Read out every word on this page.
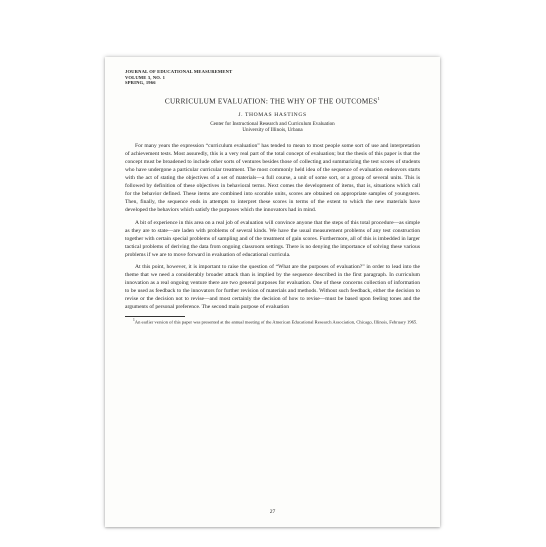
JOURNAL OF EDUCATIONAL MEASUREMENT
VOLUME 3, NO. 1
SPRING, 1966
CURRICULUM EVALUATION: THE WHY OF THE OUTCOMES$^1$
J. THOMAS HASTINGS
Center for Instructional Research and Curriculum Evaluation
University of Illinois, Urbana

For many years the expression “curriculum evaluation” has tended to mean to most people some sort of use and interpretation of achievement tests. Most assuredly, this is a very real part of the total concept of evaluation; but the thesis of this paper is that the concept must be broadened to include other sorts of ventures besides those of collecting and summarizing the test scores of students who have undergone a particular curricular treatment. The most commonly held idea of the sequence of evaluation endeavors starts with the act of stating the objectives of a set of materials—a full course, a unit of some sort, or a group of several units. This is followed by definition of these objectives in behavioral terms. Next comes the development of items, that is, situations which call for the behavior defined. These items are combined into scorable units, scores are obtained on appropriate samples of youngsters. Then, finally, the sequence ends in attempts to interpret these scores in terms of the extent to which the new materials have developed the behaviors which satisfy the purposes which the innovators had in mind.

A bit of experience in this area on a real job of evaluation will convince anyone that the steps of this total procedure—as simple as they are to state—are laden with problems of several kinds. We have the usual measurement problems of any test construction together with certain special problems of sampling and of the treatment of gain scores. Furthermore, all of this is imbedded in larger tactical problems of deriving the data from ongoing classroom settings. There is no denying the importance of solving these various problems if we are to move forward in evaluation of educational curricula.

At this point, however, it is important to raise the question of “What are the purposes of evaluation?” in order to lead into the theme that we need a considerably broader attack than is implied by the sequence described in the first paragraph. In curriculum innovation as a real ongoing venture there are two general purposes for evaluation. One of these concerns collection of information to be used as feedback to the innovators for further revision of materials and methods. Without such feedback, either the decision to revise or the decision not to revise—and most certainly the decision of how to revise—must be based upon feeling tones and the arguments of personal preference. The second main purpose of evaluation

$^1$An earlier version of this paper was presented at the annual meeting of the American Educational Research Association, Chicago, Illinois, February 1965.
27
